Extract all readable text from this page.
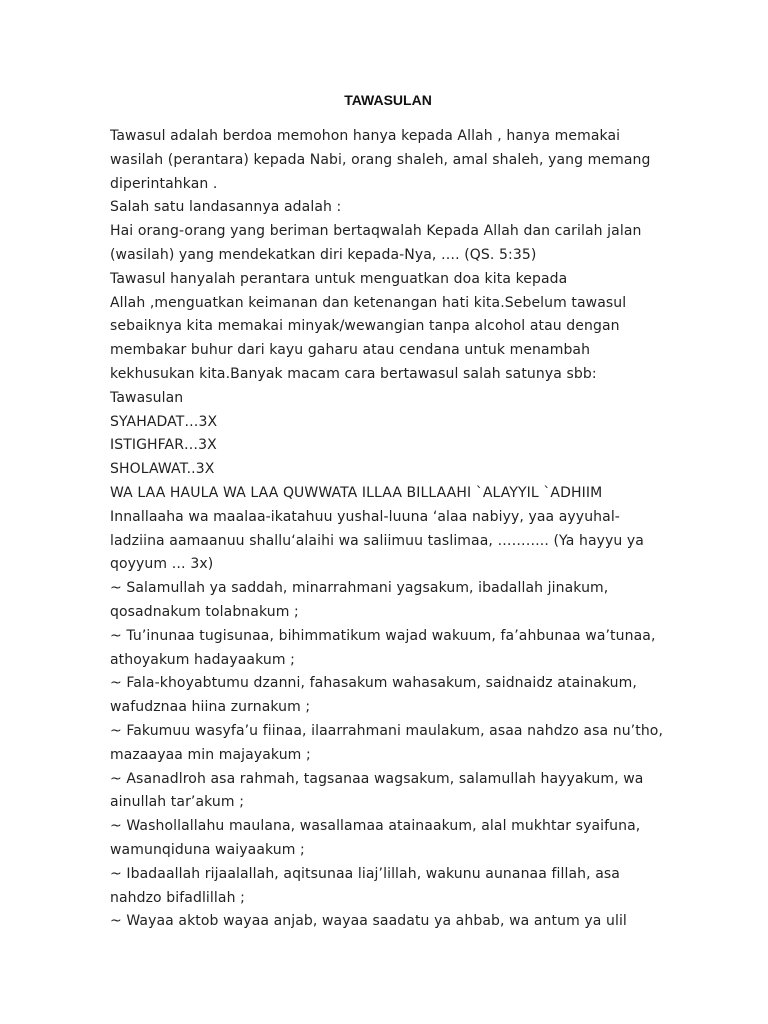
TAWASULAN
Tawasul adalah berdoa memohon hanya kepada Allah , hanya memakai
wasilah (perantara) kepada Nabi, orang shaleh, amal shaleh, yang memang
diperintahkan .
Salah satu landasannya adalah :
Hai orang-orang yang beriman bertaqwalah Kepada Allah dan carilah jalan
(wasilah) yang mendekatkan diri kepada-Nya, …. (QS. 5:35)
Tawasul hanyalah perantara untuk menguatkan doa kita kepada
Allah ,menguatkan keimanan dan ketenangan hati kita.Sebelum tawasul
sebaiknya kita memakai minyak/wewangian tanpa alcohol atau dengan
membakar buhur dari kayu gaharu atau cendana untuk menambah
kekhusukan kita.Banyak macam cara bertawasul salah satunya sbb:
Tawasulan
SYAHADAT…3X
ISTIGHFAR…3X
SHOLAWAT..3X
WA LAA HAULA WA LAA QUWWATA ILLAA BILLAAHI `ALAYYIL `ADHIIM
Innallaaha wa maalaa-ikatahuu yushal-luuna ‘alaa nabiyy, yaa ayyuhal-
ladziina aamaanuu shallu‘alaihi wa saliimuu taslimaa, ……….. (Ya hayyu ya
qoyyum … 3x)
~ Salamullah ya saddah, minarrahmani yagsakum, ibadallah jinakum,
qosadnakum tolabnakum ;
~ Tu’inunaa tugisunaa, bihimmatikum wajad wakuum, fa’ahbunaa wa’tunaa,
athoyakum hadayaakum ;
~ Fala-khoyabtumu dzanni, fahasakum wahasakum, saidnaidz atainakum,
wafudznaa hiina zurnakum ;
~ Fakumuu wasyfa’u fiinaa, ilaarrahmani maulakum, asaa nahdzo asa nu’tho,
mazaayaa min majayakum ;
~ Asanadlroh asa rahmah, tagsanaa wagsakum, salamullah hayyakum, wa
ainullah tar’akum ;
~ Washollallahu maulana, wasallamaa atainaakum, alal mukhtar syaifuna,
wamunqiduna waiyaakum ;
~ Ibadaallah rijaalallah, aqitsunaa liaj’lillah, wakunu aunanaa fillah, asa
nahdzo bifadlillah ;
~ Wayaa aktob wayaa anjab, wayaa saadatu ya ahbab, wa antum ya ulil
